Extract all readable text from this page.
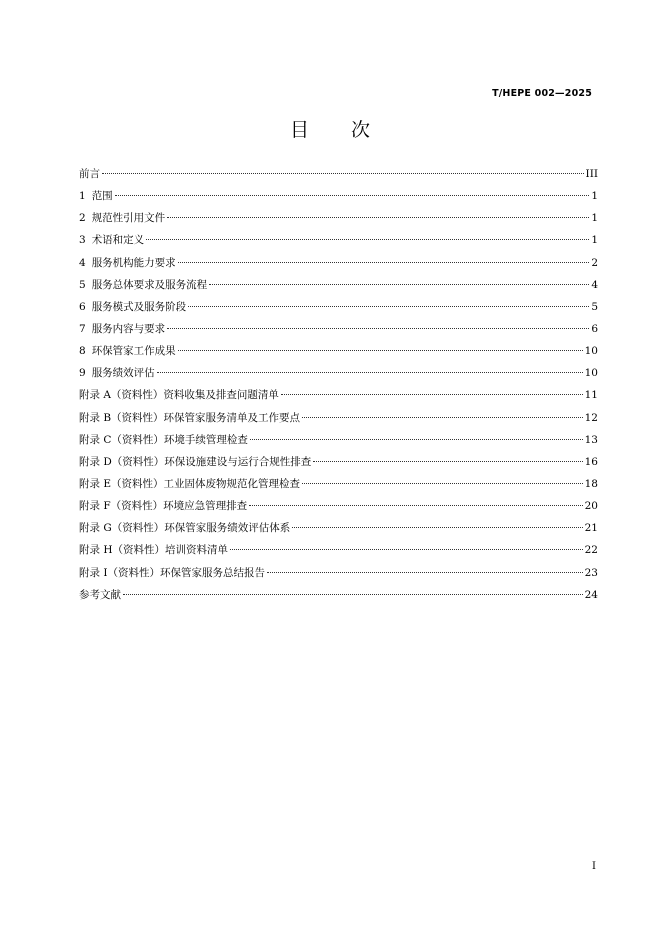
T/HEPE 002—2025
目 次
前言	III
1 范围	1
2 规范性引用文件	1
3 术语和定义	1
4 服务机构能力要求	2
5 服务总体要求及服务流程	4
6 服务模式及服务阶段	5
7 服务内容与要求	6
8 环保管家工作成果	10
9 服务绩效评估	10
附录 A（资料性）资料收集及排查问题清单	11
附录 B（资料性）环保管家服务清单及工作要点	12
附录 C（资料性）环境手续管理检查	13
附录 D（资料性）环保设施建设与运行合规性排查	16
附录 E（资料性）工业固体废物规范化管理检查	18
附录 F（资料性）环境应急管理排查	20
附录 G（资料性）环保管家服务绩效评估体系	21
附录 H（资料性）培训资料清单	22
附录 I（资料性）环保管家服务总结报告	23
参考文献	24
I
